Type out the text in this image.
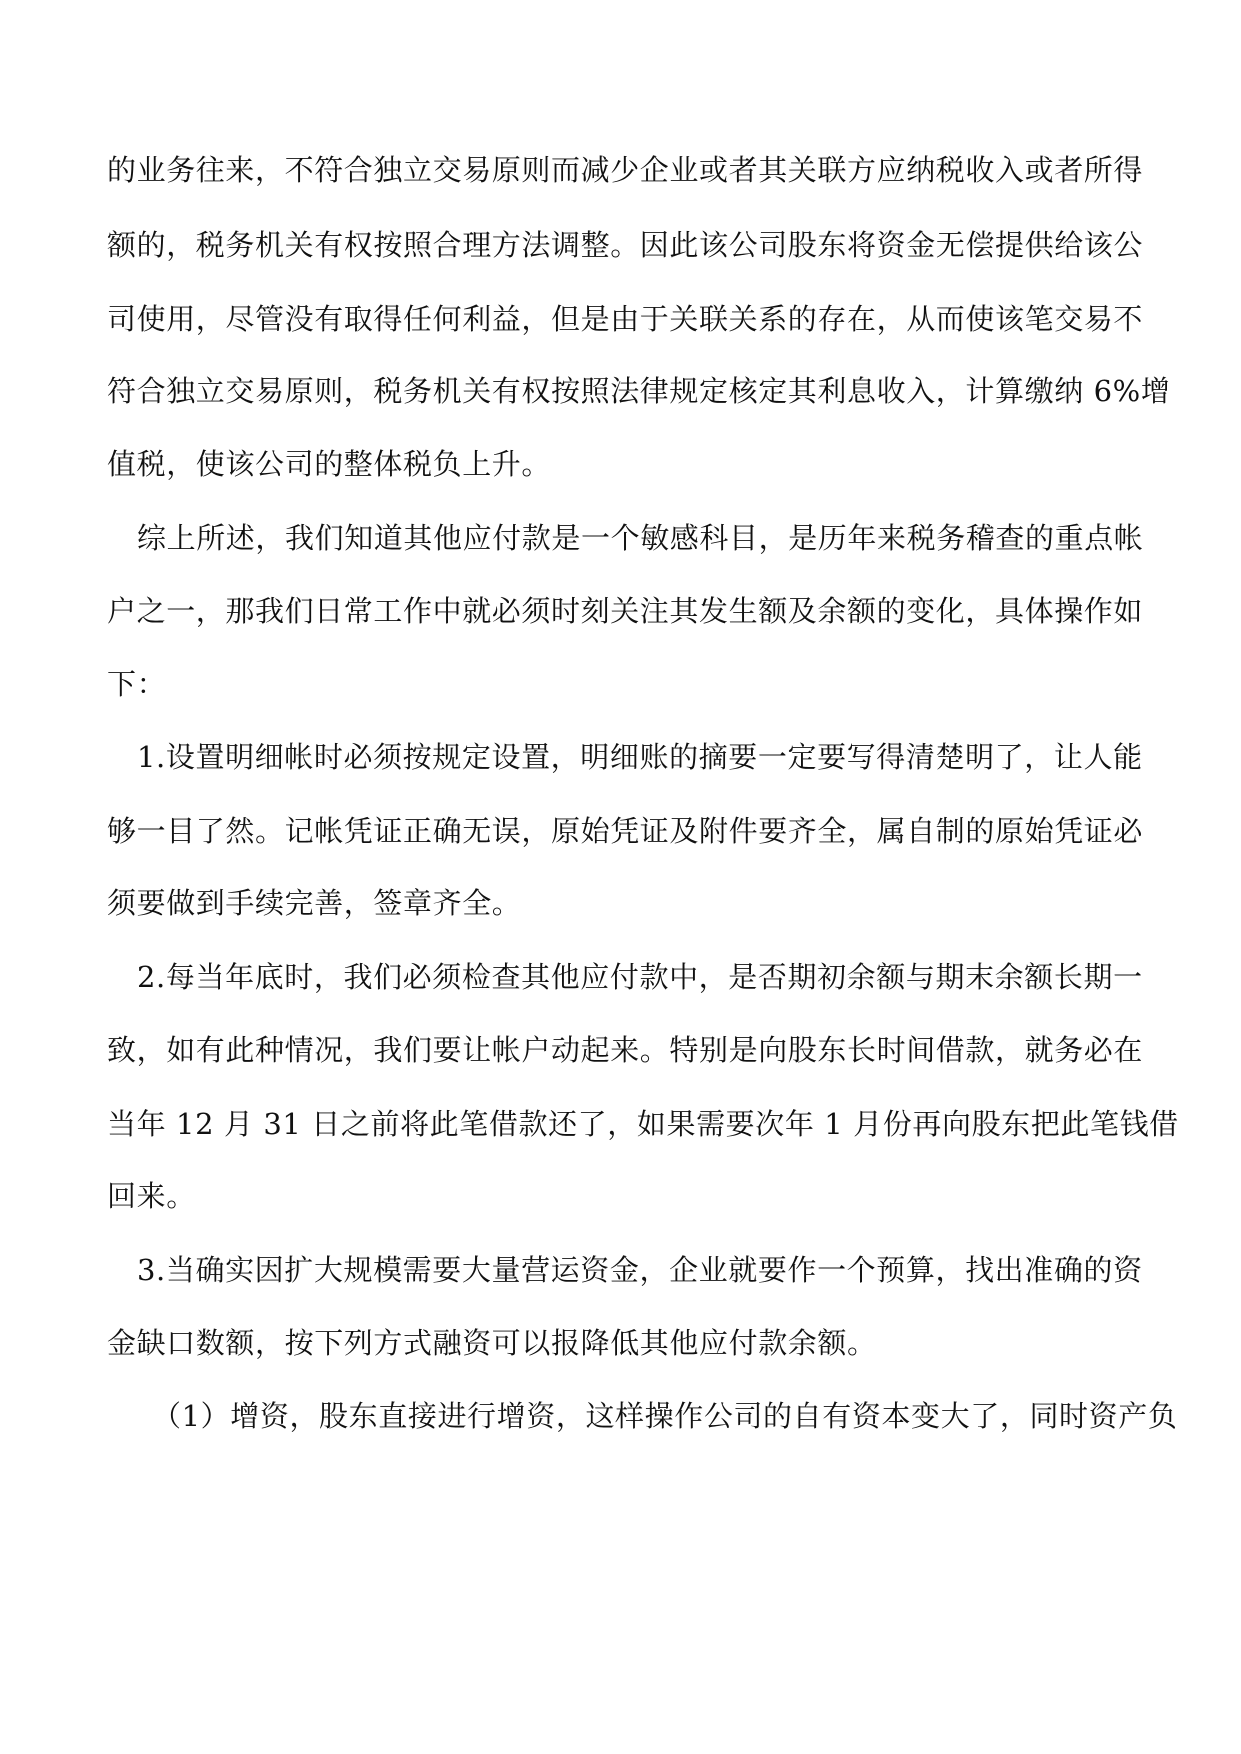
的业务往来，不符合独立交易原则而减少企业或者其关联方应纳税收入或者所得
额的，税务机关有权按照合理方法调整。因此该公司股东将资金无偿提供给该公
司使用，尽管没有取得任何利益，但是由于关联关系的存在，从而使该笔交易不
符合独立交易原则，税务机关有权按照法律规定核定其利息收入，计算缴纳 6%增
值税，使该公司的整体税负上升。
综上所述，我们知道其他应付款是一个敏感科目，是历年来税务稽查的重点帐
户之一，那我们日常工作中就必须时刻关注其发生额及余额的变化，具体操作如
下：
1.设置明细帐时必须按规定设置，明细账的摘要一定要写得清楚明了，让人能
够一目了然。记帐凭证正确无误，原始凭证及附件要齐全，属自制的原始凭证必
须要做到手续完善，签章齐全。
2.每当年底时，我们必须检查其他应付款中，是否期初余额与期末余额长期一
致，如有此种情况，我们要让帐户动起来。特别是向股东长时间借款，就务必在
当年 12 月 31 日之前将此笔借款还了，如果需要次年 1 月份再向股东把此笔钱借
回来。
3.当确实因扩大规模需要大量营运资金，企业就要作一个预算，找出准确的资
金缺口数额，按下列方式融资可以报降低其他应付款余额。
（1）增资，股东直接进行增资，这样操作公司的自有资本变大了，同时资产负
